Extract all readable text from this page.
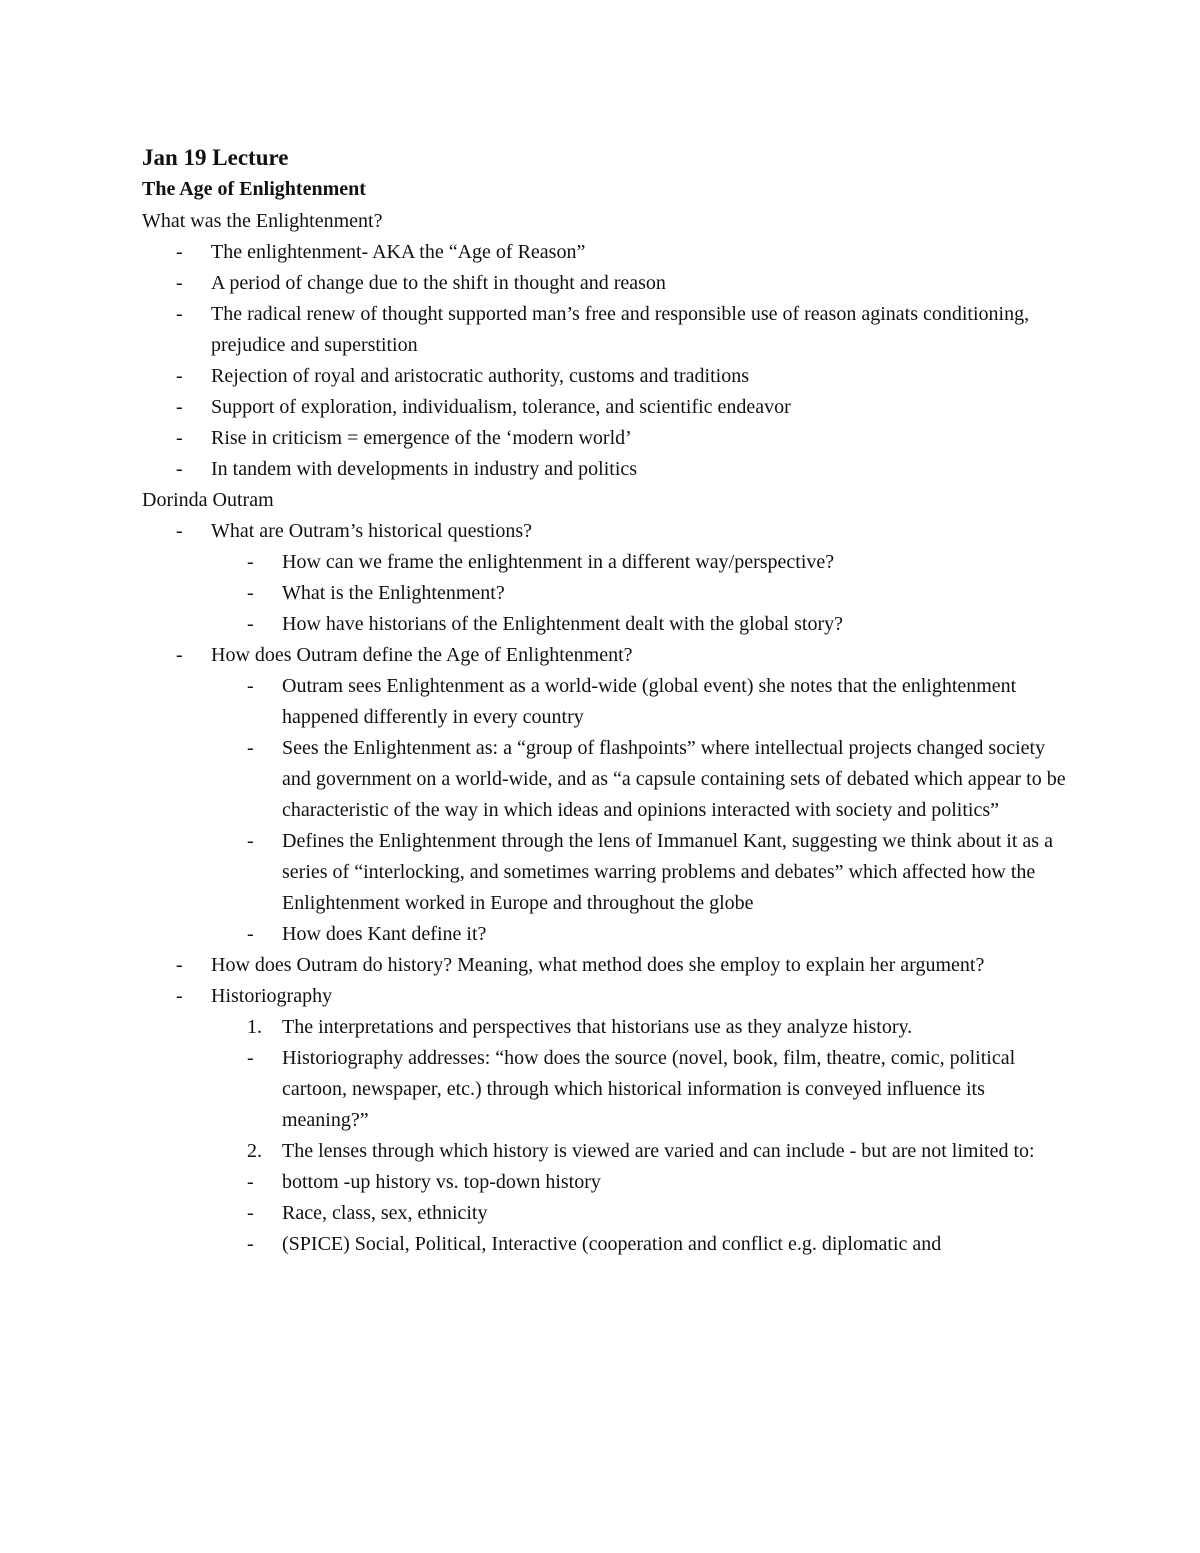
Jan 19 Lecture
The Age of Enlightenment
What was the Enlightenment?
-	The enlightenment- AKA the “Age of Reason”
-	A period of change due to the shift in thought and reason
-	The radical renew of thought supported man’s free and responsible use of reason aginats conditioning, prejudice and superstition
-	Rejection of royal and aristocratic authority, customs and traditions
-	Support of exploration, individualism, tolerance, and scientific endeavor
-	Rise in criticism = emergence of the ‘modern world’
-	In tandem with developments in industry and politics
Dorinda Outram
-	What are Outram’s historical questions?
-	How can we frame the enlightenment in a different way/perspective?
-	What is the Enlightenment?
-	How have historians of the Enlightenment dealt with the global story?
-	How does Outram define the Age of Enlightenment?
-	Outram sees Enlightenment as a world-wide (global event) she notes that the enlightenment happened differently in every country
-	Sees the Enlightenment as: a “group of flashpoints” where intellectual projects changed society and government on a world-wide, and as “a capsule containing sets of debated which appear to be characteristic of the way in which ideas and opinions interacted with society and politics”
-	Defines the Enlightenment through the lens of Immanuel Kant, suggesting we think about it as a series of “interlocking, and sometimes warring problems and debates” which affected how the Enlightenment worked in Europe and throughout the globe
-	How does Kant define it?
-	How does Outram do history? Meaning, what method does she employ to explain her argument?
-	Historiography
1.	The interpretations and perspectives that historians use as they analyze history.
-	Historiography addresses: “how does the source (novel, book, film, theatre, comic, political cartoon, newspaper, etc.) through which historical information is conveyed influence its meaning?”
2.	The lenses through which history is viewed are varied and can include - but are not limited to:
-	bottom -up history vs. top-down history
-	Race, class, sex, ethnicity
-	(SPICE) Social, Political, Interactive (cooperation and conflict e.g. diplomatic and
